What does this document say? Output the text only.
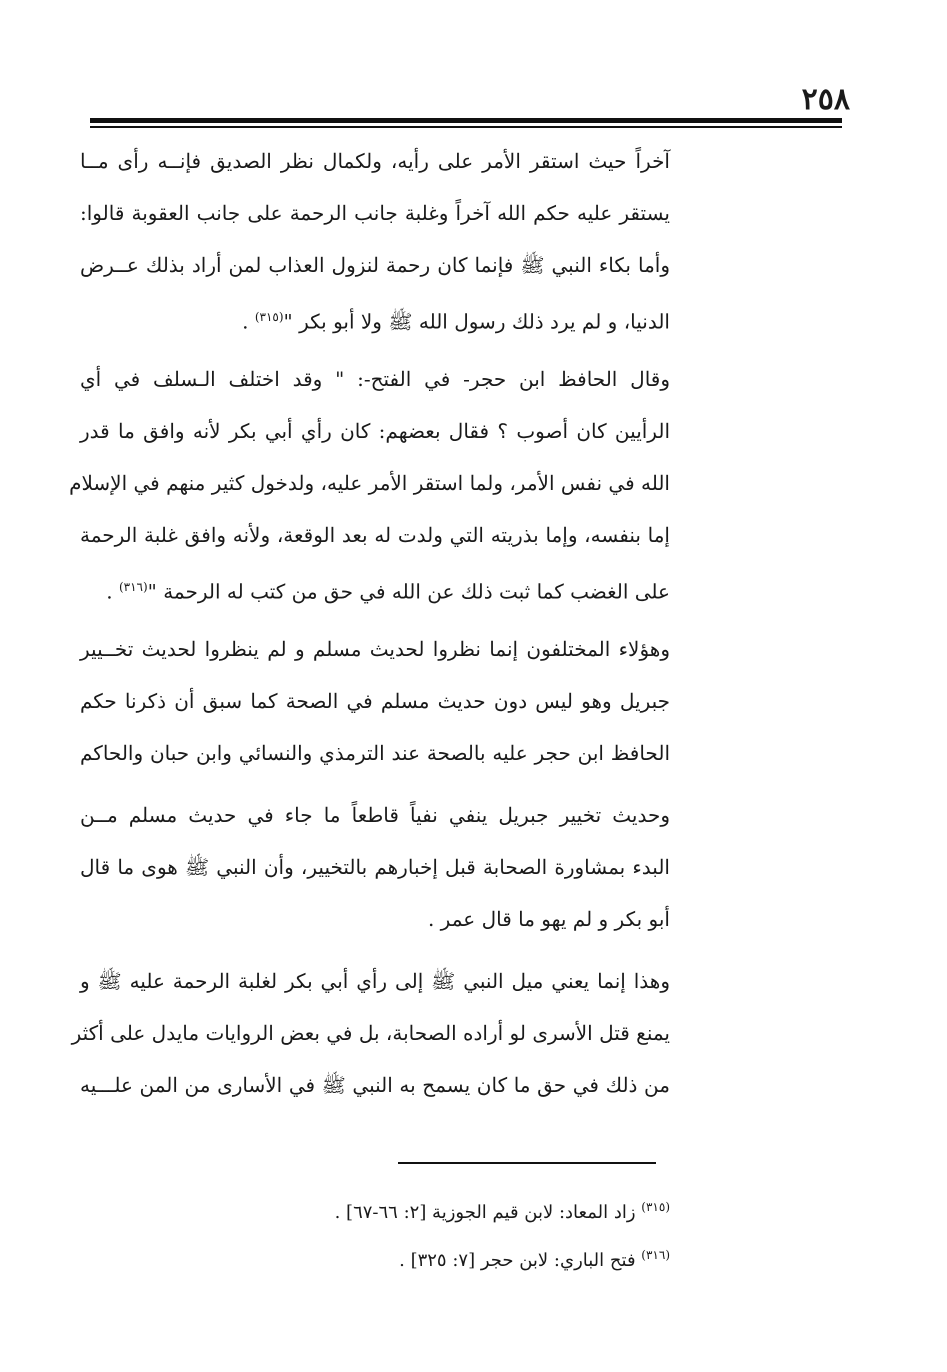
٢٥٨
آخراً حيث استقر الأمر على رأيه، ولكمال نظر الصديق فإنــه رأى مــا
يستقر عليه حكم الله آخراً وغلبة جانب الرحمة على جانب العقوبة قالوا:
وأما بكاء النبي ﷺ فإنما كان رحمة لنزول العذاب لمن أراد بذلك عــرض
الدنيا، و لم يرد ذلك رسول الله ﷺ ولا أبو بكر "$^{(٣١٥)}$ .
وقال الحافظ ابن حجر- في الفتح-: " وقد اختلف الـسلف في أي
الرأيين كان أصوب ؟ فقال بعضهم: كان رأي أبي بكر لأنه وافق ما قدر
الله في نفس الأمر، ولما استقر الأمر عليه، ولدخول كثير منهم في الإسلام
إما بنفسه، وإما بذريته التي ولدت له بعد الوقعة، ولأنه وافق غلبة الرحمة
على الغضب كما ثبت ذلك عن الله في حق من كتب له الرحمة "$^{(٣١٦)}$ .
وهؤلاء المختلفون إنما نظروا لحديث مسلم و لم ينظروا لحديث تخــيير
جبريل وهو ليس دون حديث مسلم في الصحة كما سبق أن ذكرنا حكم
الحافظ ابن حجر عليه بالصحة عند الترمذي والنسائي وابن حبان والحاكم
وحديث تخيير جبريل ينفي نفياً قاطعاً ما جاء في حديث مسلم مــن
البدء بمشاورة الصحابة قبل إخبارهم بالتخيير، وأن النبي ﷺ هوى ما قال
أبو بكر و لم يهو ما قال عمر .
وهذا إنما يعني ميل النبي ﷺ إلى رأي أبي بكر لغلبة الرحمة عليه ﷺ و
يمنع قتل الأسرى لو أراده الصحابة، بل في بعض الروايات مايدل على أكثر
من ذلك في حق ما كان يسمح به النبي ﷺ في الأسارى من المن علـــيه
$^{(٣١٥)}$ زاد المعاد: لابن قيم الجوزية [٢: ٦٦-٦٧] .
$^{(٣١٦)}$ فتح الباري: لابن حجر [٧: ٣٢٥] .
